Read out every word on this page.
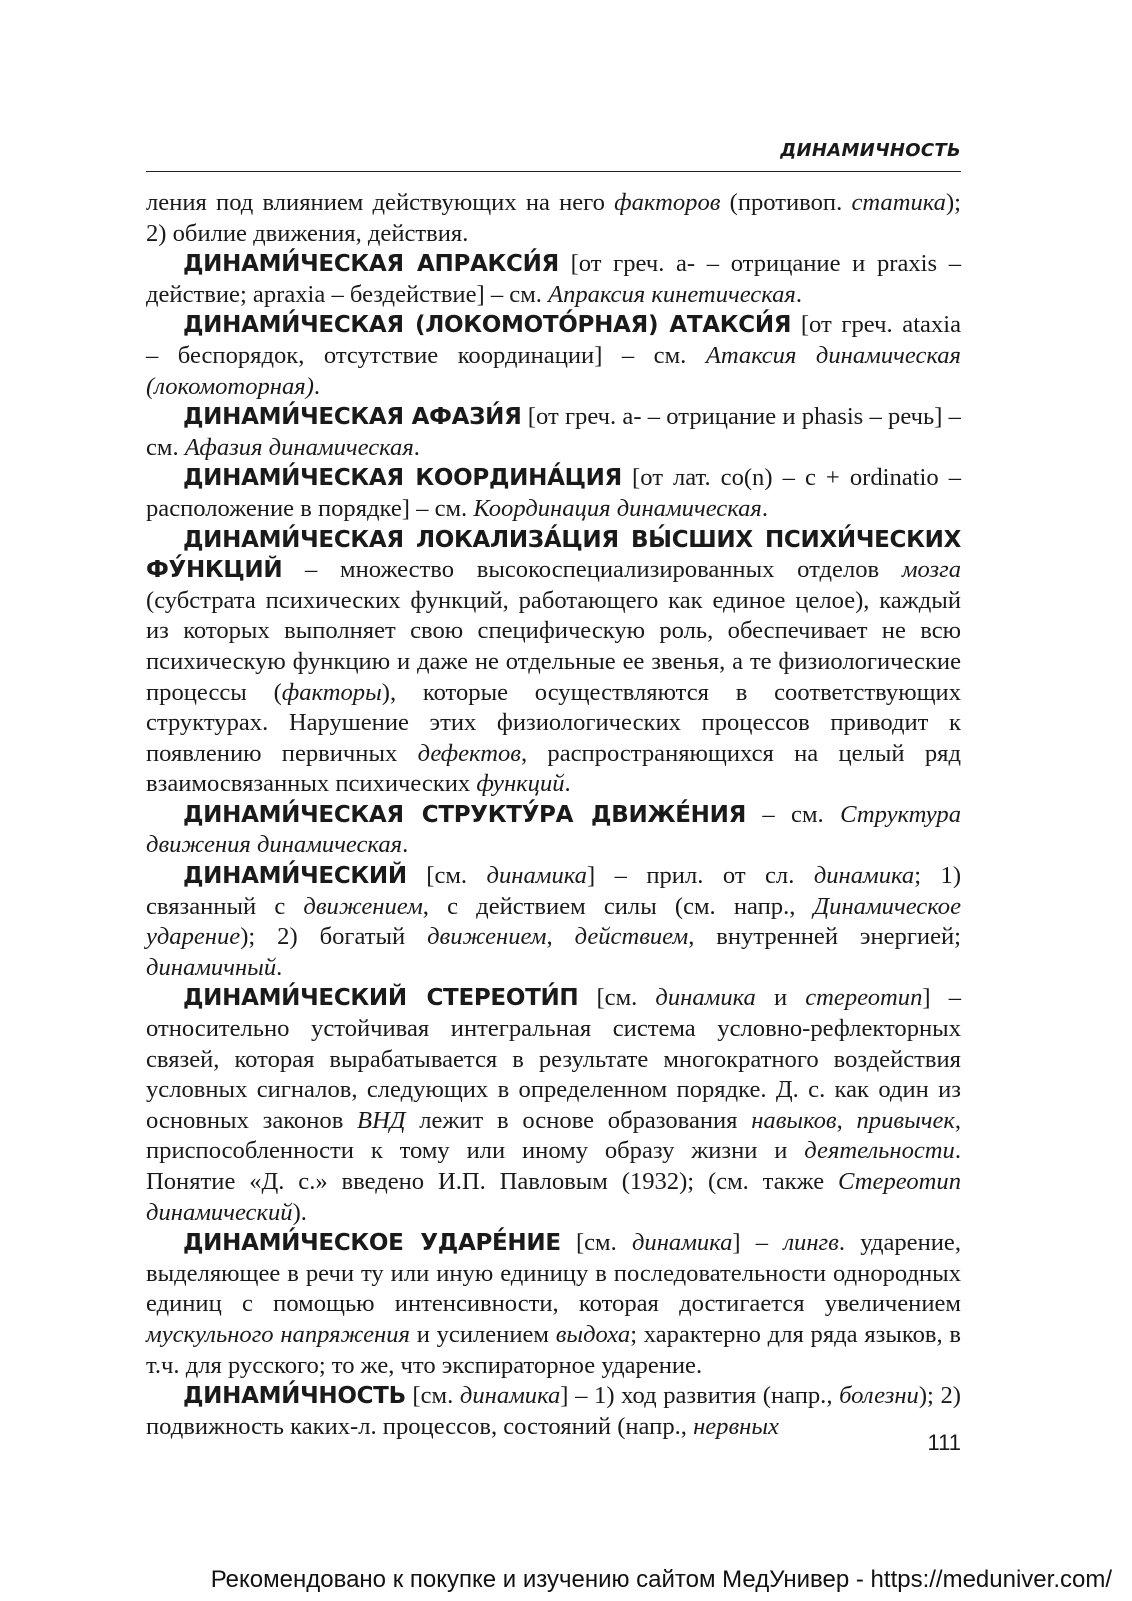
ДИНАМИЧНОСТЬ

ления под влиянием действующих на него факторов (противоп. статика); 2) обилие движения, действия.

ДИНАМИ́ЧЕСКАЯ АПРАКСИ́Я [от греч. а- – отрицание и praxis – действие; apraxia – бездействие] – см. Апраксия кинетическая.

ДИНАМИ́ЧЕСКАЯ (ЛОКОМОТО́РНАЯ) АТАКСИ́Я [от греч. ataxia – беспорядок, отсутствие координации] – см. Атаксия динамическая (локомоторная).

ДИНАМИ́ЧЕСКАЯ АФАЗИ́Я [от греч. а- – отрицание и phasis – речь] – см. Афазия динамическая.

ДИНАМИ́ЧЕСКАЯ КООРДИНА́ЦИЯ [от лат. co(n) – с + ordinatio – расположение в порядке] – см. Координация динамическая.

ДИНАМИ́ЧЕСКАЯ ЛОКАЛИЗА́ЦИЯ ВЫ́СШИХ ПСИХИ́ЧЕСКИХ ФУ́НКЦИЙ – множество высокоспециализированных отделов мозга (субстрата психических функций, работающего как единое целое), каждый из которых выполняет свою специфическую роль, обеспечивает не всю психическую функцию и даже не отдельные ее звенья, а те физиологические процессы (факторы), которые осуществляются в соответствующих структурах. Нарушение этих физиологических процессов приводит к появлению первичных дефектов, распространяющихся на целый ряд взаимосвязанных психических функций.

ДИНАМИ́ЧЕСКАЯ СТРУКТУ́РА ДВИЖЕ́НИЯ – см. Структура движения динамическая.

ДИНАМИ́ЧЕСКИЙ [см. динамика] – прил. от сл. динамика; 1) связанный с движением, с действием силы (см. напр., Динамическое ударение); 2) богатый движением, действием, внутренней энергией; динамичный.

ДИНАМИ́ЧЕСКИЙ СТЕРЕОТИ́П [см. динамика и стереотип] – относительно устойчивая интегральная система условно-рефлекторных связей, которая вырабатывается в результате многократного воздействия условных сигналов, следующих в определенном порядке. Д. с. как один из основных законов ВНД лежит в основе образования навыков, привычек, приспособленности к тому или иному образу жизни и деятельности. Понятие «Д. с.» введено И.П. Павловым (1932); (см. также Стереотип динамический).

ДИНАМИ́ЧЕСКОЕ УДАРЕ́НИЕ [см. динамика] – лингв. ударение, выделяющее в речи ту или иную единицу в последовательности однородных единиц с помощью интенсивности, которая достигается увеличением мускульного напряжения и усилением выдоха; характерно для ряда языков, в т.ч. для русского; то же, что экспираторное ударение.

ДИНАМИ́ЧНОСТЬ [см. динамика] – 1) ход развития (напр., болезни); 2) подвижность каких-л. процессов, состояний (напр., нервных

111
Рекомендовано к покупке и изучению сайтом МедУнивер - https://meduniver.com/
